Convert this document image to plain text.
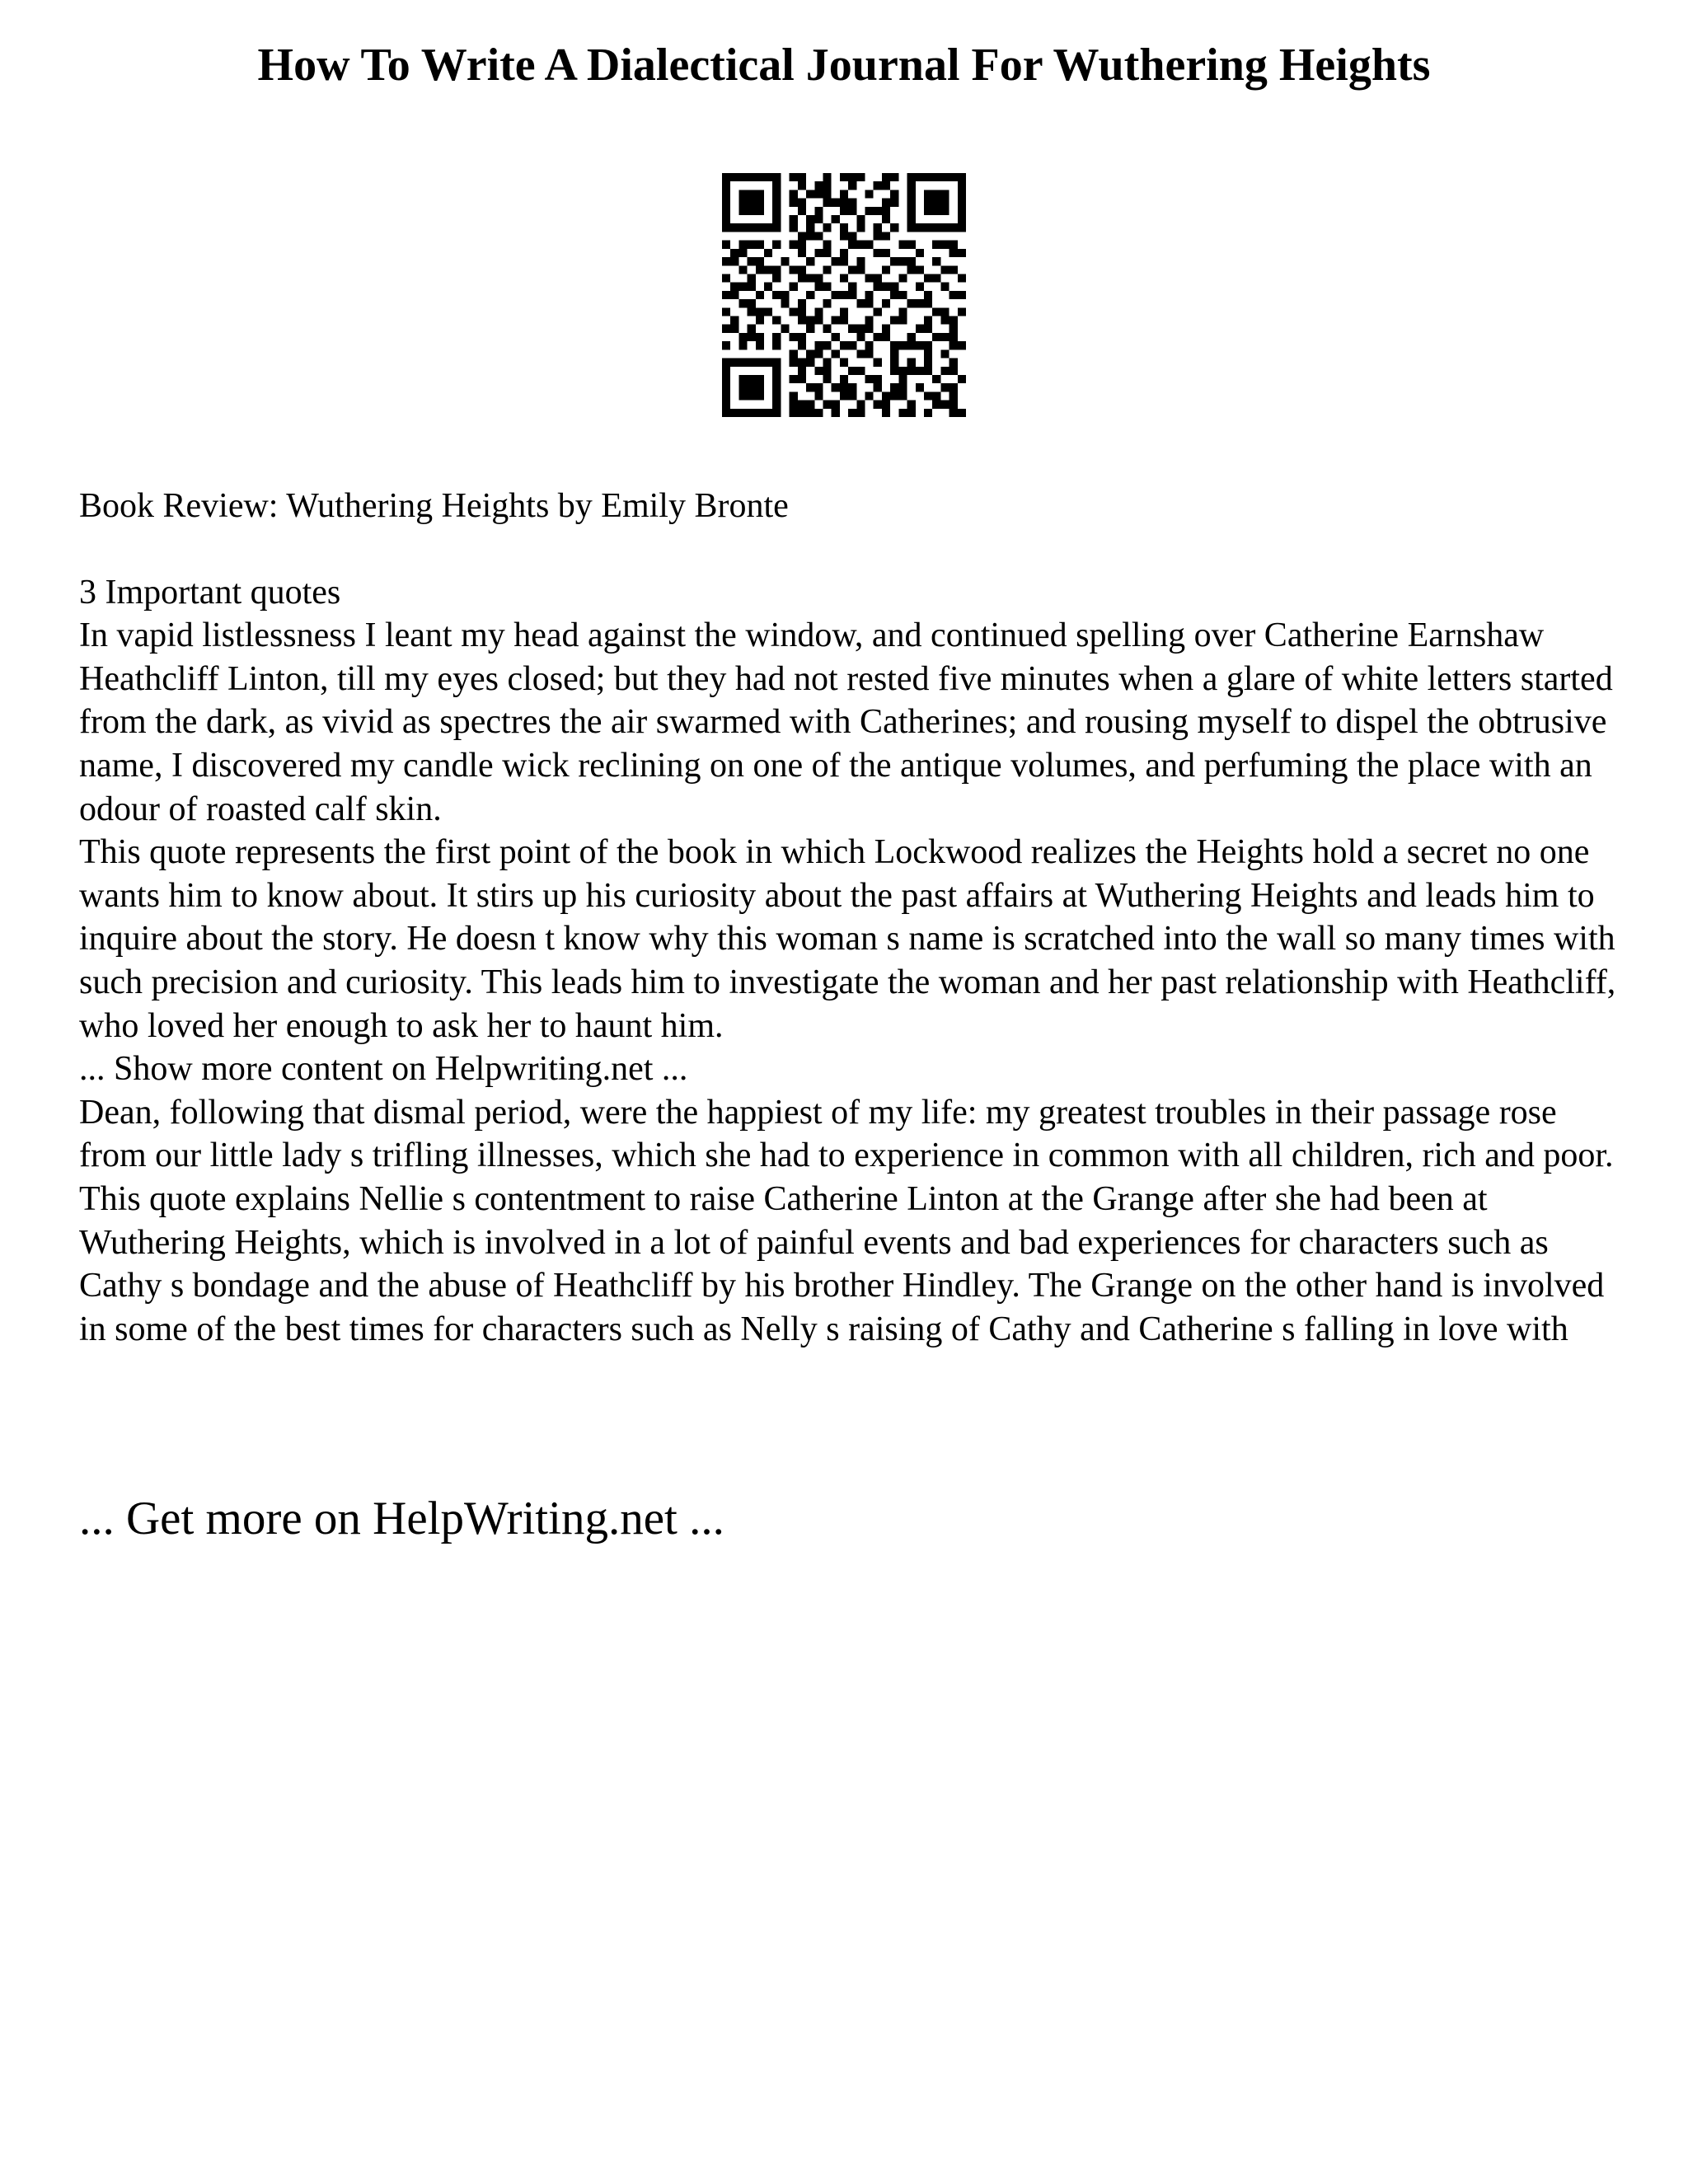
How To Write A Dialectical Journal For Wuthering Heights

Book Review: Wuthering Heights by Emily Bronte

3 Important quotes

In vapid listlessness I leant my head against the window, and continued spelling over Catherine Earnshaw Heathcliff Linton, till my eyes closed; but they had not rested five minutes when a glare of white letters started from the dark, as vivid as spectres the air swarmed with Catherines; and rousing myself to dispel the obtrusive name, I discovered my candle wick reclining on one of the antique volumes, and perfuming the place with an odour of roasted calf skin.

This quote represents the first point of the book in which Lockwood realizes the Heights hold a secret no one wants him to know about. It stirs up his curiosity about the past affairs at Wuthering Heights and leads him to inquire about the story. He doesn t know why this woman s name is scratched into the wall so many times with such precision and curiosity. This leads him to investigate the woman and her past relationship with Heathcliff, who loved her enough to ask her to haunt him.

... Show more content on Helpwriting.net ...

Dean, following that dismal period, were the happiest of my life: my greatest troubles in their passage rose from our little lady s trifling illnesses, which she had to experience in common with all children, rich and poor.

This quote explains Nellie s contentment to raise Catherine Linton at the Grange after she had been at Wuthering Heights, which is involved in a lot of painful events and bad experiences for characters such as Cathy s bondage and the abuse of Heathcliff by his brother Hindley. The Grange on the other hand is involved in some of the best times for characters such as Nelly s raising of Cathy and Catherine s falling in love with

... Get more on HelpWriting.net ...
